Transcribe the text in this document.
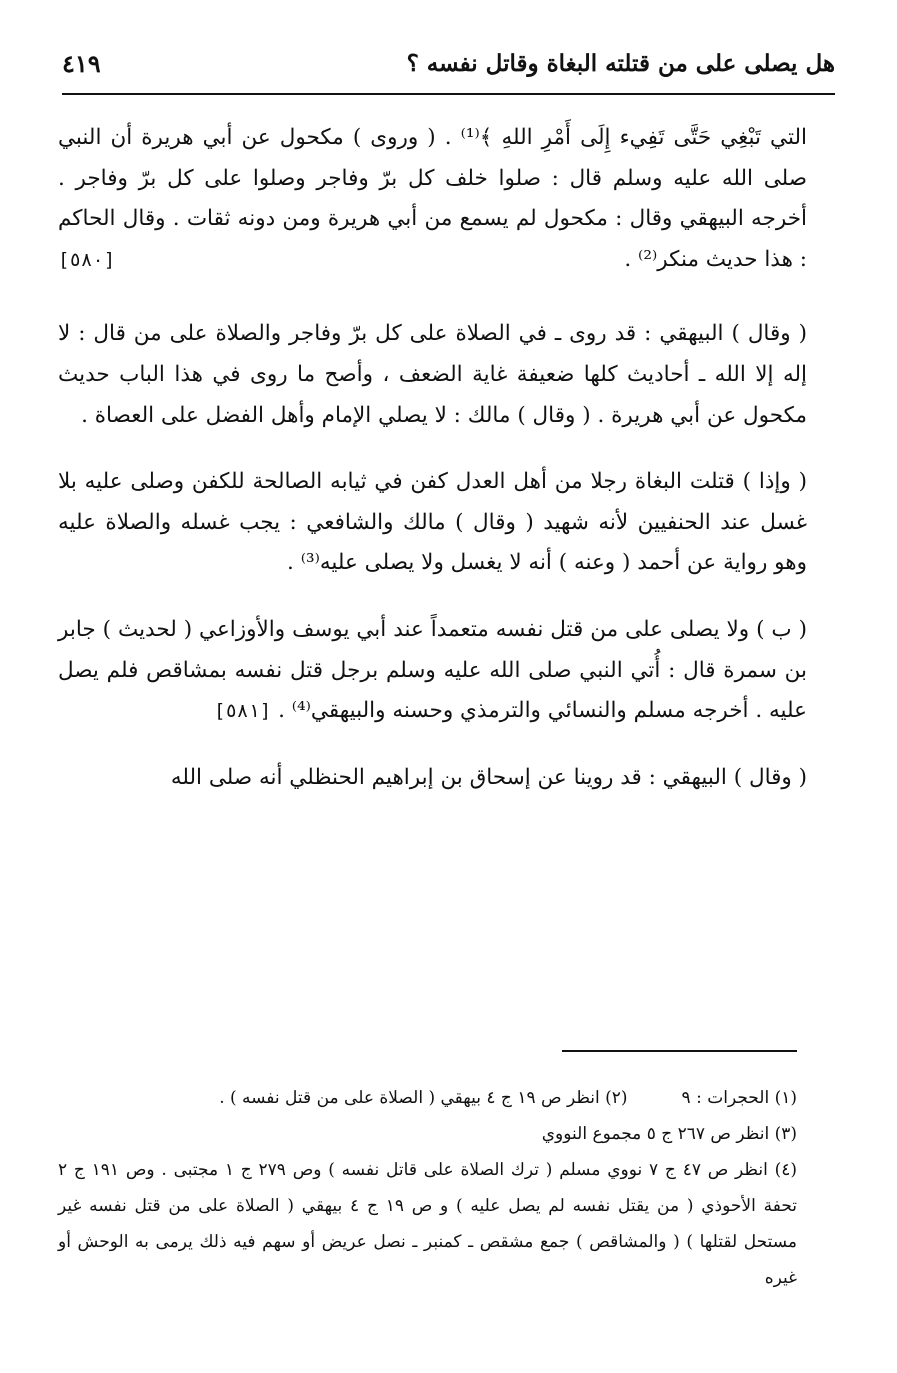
هل يصلى على من قتلته البغاة وقاتل نفسه ؟
٤١٩

التي تَبْغِي حَتَّى تَفِيء إِلَى أَمْرِ اللهِ ﴾⁽¹⁾ . ( وروى ) مكحول عن أبي هريرة أن النبي صلى الله عليه وسلم قال : صلوا خلف كل برّ وفاجر وصلوا على كل برّ وفاجر . أخرجه البيهقي وقال : مكحول لم يسمع من أبي هريرة ومن دونه ثقات . وقال الحاكم : هذا حديث منكر⁽²⁾ .
[٥٨٠]

( وقال ) البيهقي : قد روى ـ في الصلاة على كل برّ وفاجر والصلاة على من قال : لا إله إلا الله ـ أحاديث كلها ضعيفة غاية الضعف ، وأصح ما روى في هذا الباب حديث مكحول عن أبي هريرة . ( وقال ) مالك : لا يصلي الإمام وأهل الفضل على العصاة .

( وإذا ) قتلت البغاة رجلا من أهل العدل كفن في ثيابه الصالحة للكفن وصلى عليه بلا غسل عند الحنفيين لأنه شهيد ( وقال ) مالك والشافعي : يجب غسله والصلاة عليه وهو رواية عن أحمد ( وعنه ) أنه لا يغسل ولا يصلى عليه⁽³⁾ .

( ب ) ولا يصلى على من قتل نفسه متعمداً عند أبي يوسف والأوزاعي ( لحديث ) جابر بن سمرة قال : أُتي النبي صلى الله عليه وسلم برجل قتل نفسه بمشاقص فلم يصل عليه . أخرجه مسلم والنسائي والترمذي وحسنه والبيهقي⁽⁴⁾ . [٥٨١]

( وقال ) البيهقي : قد روينا عن إسحاق بن إبراهيم الحنظلي أنه صلى الله

(١) الحجرات : ٩
(٢) انظر ص ١٩ ج ٤ بيهقي ( الصلاة على من قتل نفسه ) .
(٣) انظر ص ٢٦٧ ج ٥ مجموع النووي

(٤) انظر ص ٤٧ ج ٧ نووي مسلم ( ترك الصلاة على قاتل نفسه ) وص ٢٧٩ ج ١ مجتبى . وص ١٩١ ج ٢ تحفة الأحوذي ( من يقتل نفسه لم يصل عليه ) و ص ١٩ ج ٤ بيهقي ( الصلاة على من قتل نفسه غير مستحل لقتلها ) ( والمشاقص ) جمع مشقص ـ كمنبر ـ نصل عريض أو سهم فيه ذلك يرمى به الوحش أو غيره
